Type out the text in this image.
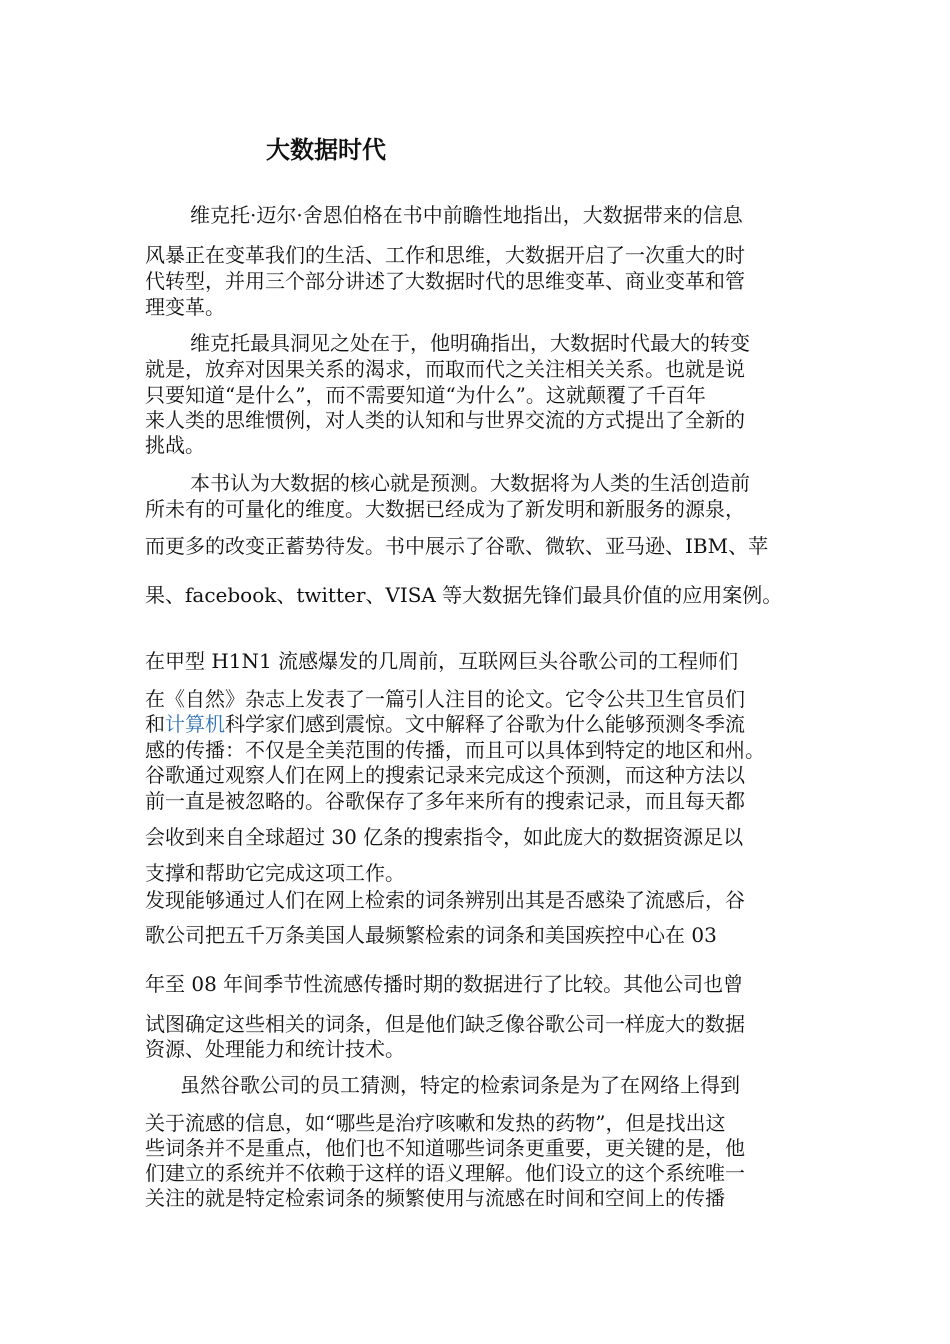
大数据时代
维克托·迈尔·舍恩伯格在书中前瞻性地指出，大数据带来的信息
风暴正在变革我们的生活、工作和思维，大数据开启了一次重大的时
代转型，并用三个部分讲述了大数据时代的思维变革、商业变革和管
理变革。
维克托最具洞见之处在于，他明确指出，大数据时代最大的转变
就是，放弃对因果关系的渴求，而取而代之关注相关关系。也就是说
只要知道“是什么”，而不需要知道“为什么”。这就颠覆了千百年
来人类的思维惯例，对人类的认知和与世界交流的方式提出了全新的
挑战。
本书认为大数据的核心就是预测。大数据将为人类的生活创造前
所未有的可量化的维度。大数据已经成为了新发明和新服务的源泉，
而更多的改变正蓄势待发。书中展示了谷歌、微软、亚马逊、IBM、苹
果、facebook、twitter、VISA 等大数据先锋们最具价值的应用案例。
在甲型 H1N1 流感爆发的几周前，互联网巨头谷歌公司的工程师们
在《自然》杂志上发表了一篇引人注目的论文。它令公共卫生官员们
和计算机科学家们感到震惊。文中解释了谷歌为什么能够预测冬季流
感的传播：不仅是全美范围的传播，而且可以具体到特定的地区和州。
谷歌通过观察人们在网上的搜索记录来完成这个预测，而这种方法以
前一直是被忽略的。谷歌保存了多年来所有的搜索记录，而且每天都
会收到来自全球超过 30 亿条的搜索指令，如此庞大的数据资源足以
支撑和帮助它完成这项工作。
发现能够通过人们在网上检索的词条辨别出其是否感染了流感后，谷
歌公司把五千万条美国人最频繁检索的词条和美国疾控中心在 03
年至 08 年间季节性流感传播时期的数据进行了比较。其他公司也曾
试图确定这些相关的词条，但是他们缺乏像谷歌公司一样庞大的数据
资源、处理能力和统计技术。
虽然谷歌公司的员工猜测，特定的检索词条是为了在网络上得到
关于流感的信息，如“哪些是治疗咳嗽和发热的药物”，但是找出这
些词条并不是重点，他们也不知道哪些词条更重要，更关键的是，他
们建立的系统并不依赖于这样的语义理解。他们设立的这个系统唯一
关注的就是特定检索词条的频繁使用与流感在时间和空间上的传播
